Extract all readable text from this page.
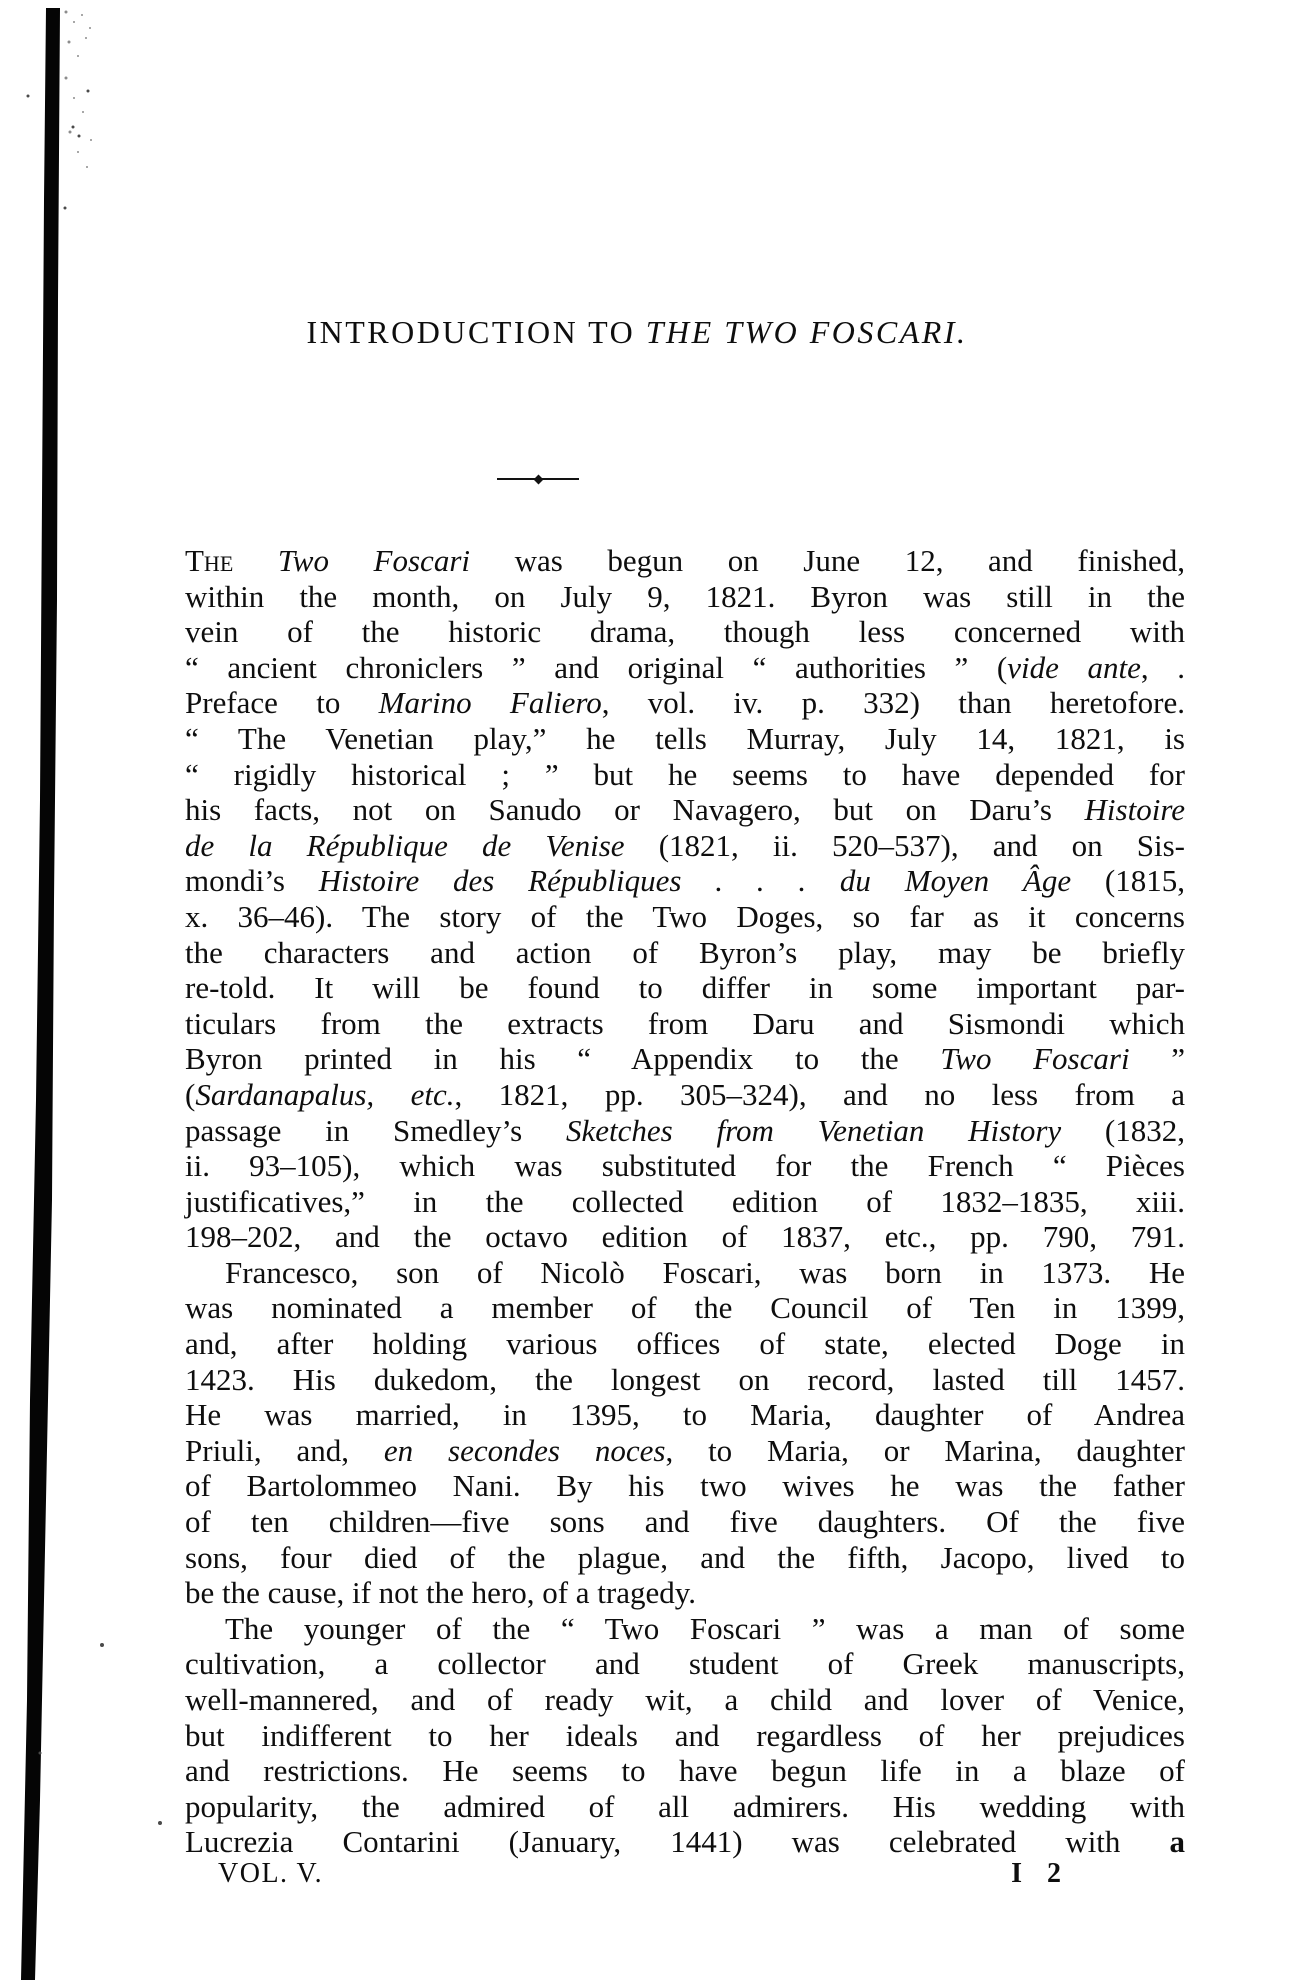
INTRODUCTION TO THE TWO FOSCARI.
The Two Foscari was begun on June 12, and finished,
within the month, on July 9, 1821. Byron was still in the
vein of the historic drama, though less concerned with
“ ancient chroniclers ” and original “ authorities ” (vide ante, .
Preface to Marino Faliero, vol. iv. p. 332) than heretofore.
“ The Venetian play,” he tells Murray, July 14, 1821, is
“ rigidly historical ; ” but he seems to have depended for
his facts, not on Sanudo or Navagero, but on Daru’s Histoire
de la République de Venise (1821, ii. 520–537), and on Sis-
mondi’s Histoire des Républiques . . . du Moyen Âge (1815,
x. 36–46). The story of the Two Doges, so far as it concerns
the characters and action of Byron’s play, may be briefly
re-told. It will be found to differ in some important par-
ticulars from the extracts from Daru and Sismondi which
Byron printed in his “ Appendix to the Two Foscari ”
(Sardanapalus, etc., 1821, pp. 305–324), and no less from a
passage in Smedley’s Sketches from Venetian History (1832,
ii. 93–105), which was substituted for the French “ Pièces
justificatives,” in the collected edition of 1832–1835, xiii.
198–202, and the octavo edition of 1837, etc., pp. 790, 791.
Francesco, son of Nicolò Foscari, was born in 1373. He
was nominated a member of the Council of Ten in 1399,
and, after holding various offices of state, elected Doge in
1423. His dukedom, the longest on record, lasted till 1457.
He was married, in 1395, to Maria, daughter of Andrea
Priuli, and, en secondes noces, to Maria, or Marina, daughter
of Bartolommeo Nani. By his two wives he was the father
of ten children—five sons and five daughters. Of the five
sons, four died of the plague, and the fifth, Jacopo, lived to
be the cause, if not the hero, of a tragedy.
The younger of the “ Two Foscari ” was a man of some
cultivation, a collector and student of Greek manuscripts,
well-mannered, and of ready wit, a child and lover of Venice,
but indifferent to her ideals and regardless of her prejudices
and restrictions. He seems to have begun life in a blaze of
popularity, the admired of all admirers. His wedding with
Lucrezia Contarini (January, 1441) was celebrated with a
VOL. V.	I 2
